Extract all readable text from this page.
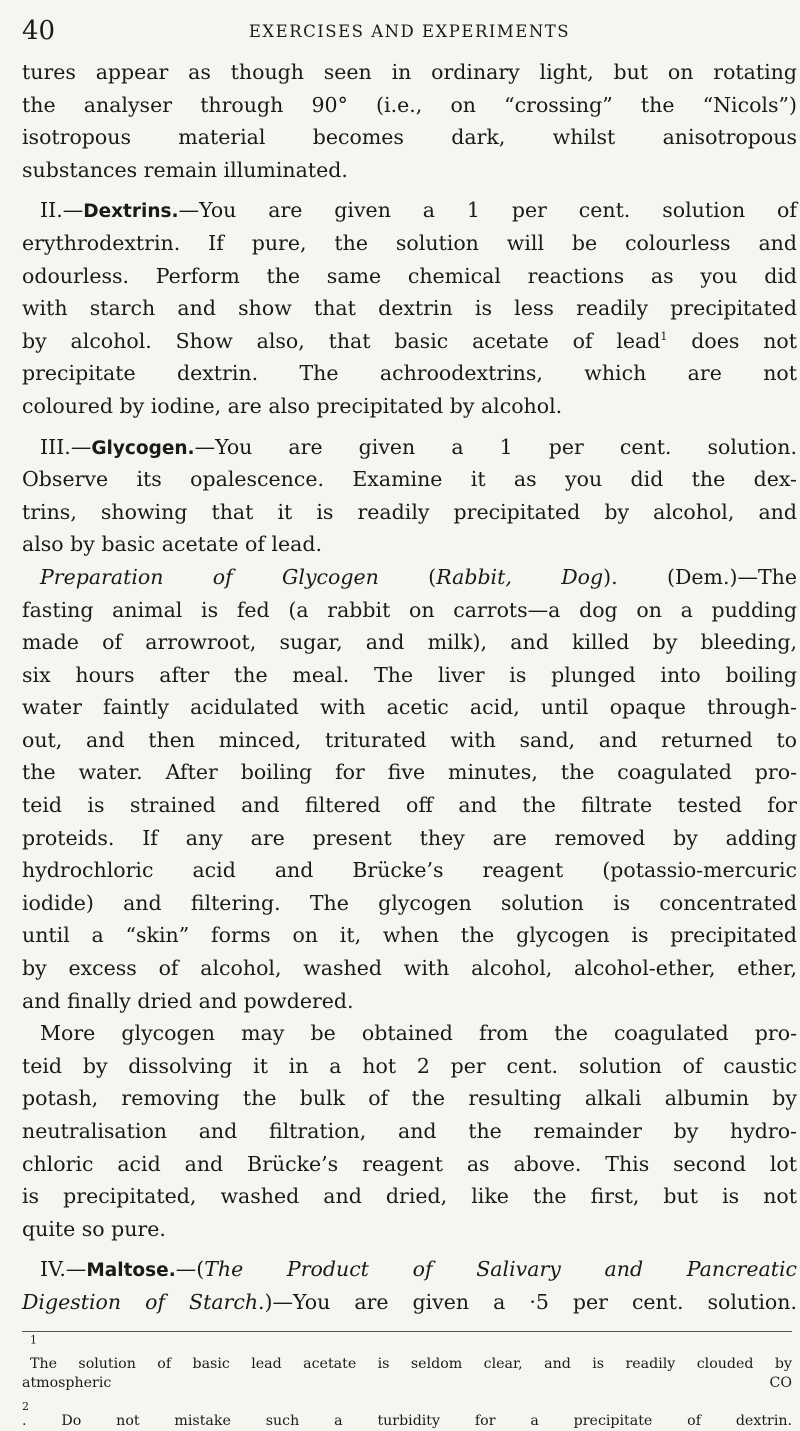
40	EXERCISES AND EXPERIMENTS
tures appear as though seen in ordinary light, but on rotating
the analyser through 90° (i.e., on “crossing” the “Nicols”)
isotropous material becomes dark, whilst anisotropous
substances remain illuminated.
II.—Dextrins.—You are given a 1 per cent. solution of
erythrodextrin. If pure, the solution will be colourless and
odourless. Perform the same chemical reactions as you did
with starch and show that dextrin is less readily precipitated
by alcohol. Show also, that basic acetate of lead$^1$ does not
precipitate dextrin. The achroodextrins, which are not
coloured by iodine, are also precipitated by alcohol.
III.—Glycogen.—You are given a 1 per cent. solution.
Observe its opalescence. Examine it as you did the dex-
trins, showing that it is readily precipitated by alcohol, and
also by basic acetate of lead.
Preparation of Glycogen (Rabbit, Dog). (Dem.)—The
fasting animal is fed (a rabbit on carrots—a dog on a pudding
made of arrowroot, sugar, and milk), and killed by bleeding,
six hours after the meal. The liver is plunged into boiling
water faintly acidulated with acetic acid, until opaque through-
out, and then minced, triturated with sand, and returned to
the water. After boiling for five minutes, the coagulated pro-
teid is strained and filtered off and the filtrate tested for
proteids. If any are present they are removed by adding
hydrochloric acid and Brücke’s reagent (potassio-mercuric
iodide) and filtering. The glycogen solution is concentrated
until a “skin” forms on it, when the glycogen is precipitated
by excess of alcohol, washed with alcohol, alcohol-ether, ether,
and finally dried and powdered.
More glycogen may be obtained from the coagulated pro-
teid by dissolving it in a hot 2 per cent. solution of caustic
potash, removing the bulk of the resulting alkali albumin by
neutralisation and filtration, and the remainder by hydro-
chloric acid and Brücke’s reagent as above. This second lot
is precipitated, washed and dried, like the first, but is not
quite so pure.
IV.—Maltose.—(The Product of Salivary and Pancreatic
Digestion of Starch.)—You are given a ·5 per cent. solution.
$^1$
The solution of basic lead acetate is seldom clear, and is readily clouded by
atmospheric CO
$_2$
. Do not mistake such a turbidity for a precipitate of dextrin.
